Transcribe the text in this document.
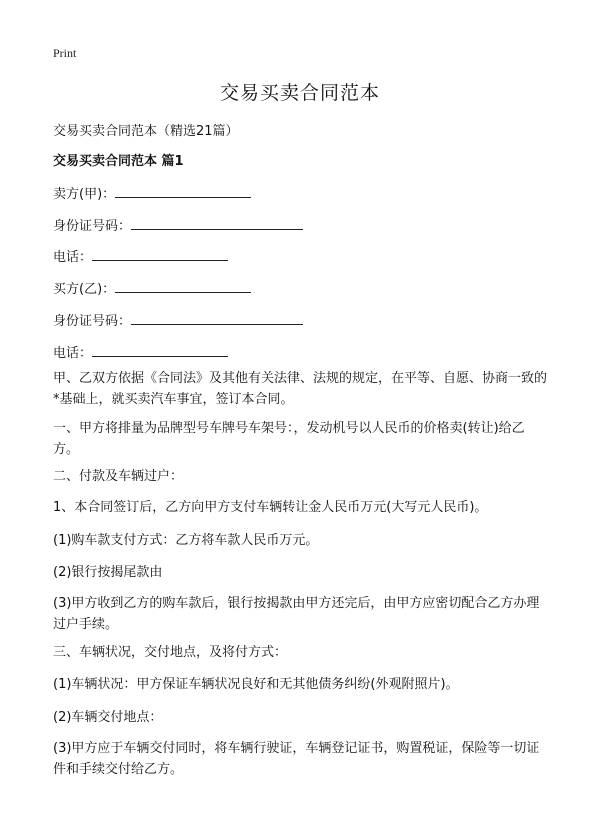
Print
交易买卖合同范本
交易买卖合同范本（精选21篇）
交易买卖合同范本 篇1
卖方(甲)：
身份证号码：
电话：
买方(乙)：
身份证号码：
电话：
甲、乙双方依据《合同法》及其他有关法律、法规的规定，在平等、自愿、协商一致的*基础上，就买卖汽车事宜，签订本合同。
一、甲方将排量为品牌型号车牌号车架号：，发动机号以人民币的价格卖(转让)给乙方。
二、付款及车辆过户：
1、本合同签订后，乙方向甲方支付车辆转让金人民币万元(大写元人民币)。
(1)购车款支付方式：乙方将车款人民币万元。
(2)银行按揭尾款由
(3)甲方收到乙方的购车款后，银行按揭款由甲方还完后，由甲方应密切配合乙方办理过户手续。
三、车辆状况，交付地点，及将付方式：
(1)车辆状况：甲方保证车辆状况良好和无其他债务纠纷(外观附照片)。
(2)车辆交付地点：
(3)甲方应于车辆交付同时，将车辆行驶证，车辆登记证书，购置税证，保险等一切证件和手续交付给乙方。
